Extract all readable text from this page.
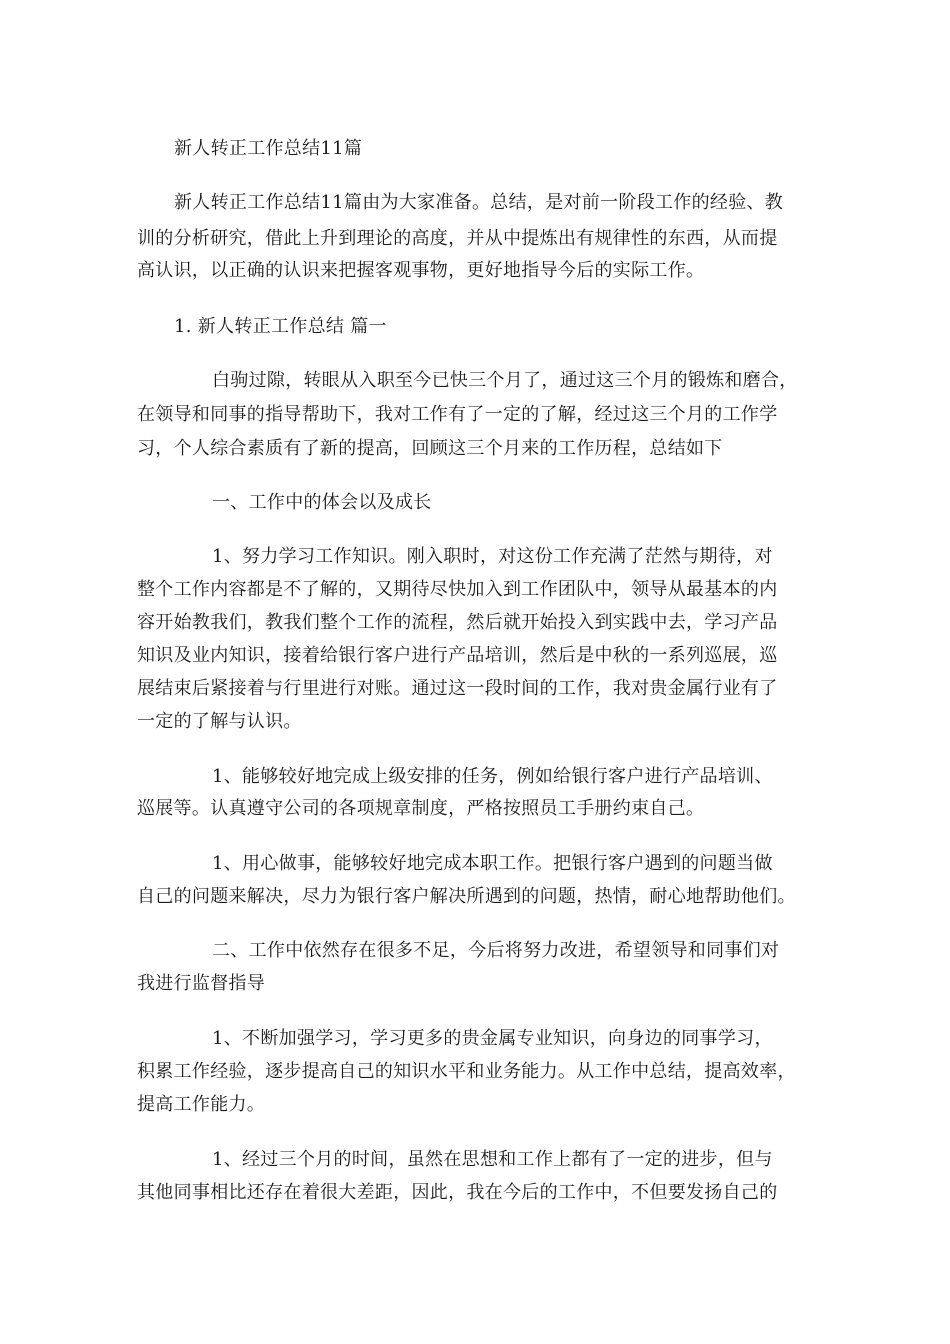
新人转正工作总结11篇
新人转正工作总结11篇由为大家准备。总结，是对前一阶段工作的经验、教
训的分析研究，借此上升到理论的高度，并从中提炼出有规律性的东西，从而提
高认识，以正确的认识来把握客观事物，更好地指导今后的实际工作。
1. 新人转正工作总结 篇一
白驹过隙，转眼从入职至今已快三个月了，通过这三个月的锻炼和磨合，
在领导和同事的指导帮助下，我对工作有了一定的了解，经过这三个月的工作学
习，个人综合素质有了新的提高，回顾这三个月来的工作历程，总结如下
一、工作中的体会以及成长
1、努力学习工作知识。刚入职时，对这份工作充满了茫然与期待，对
整个工作内容都是不了解的，又期待尽快加入到工作团队中，领导从最基本的内
容开始教我们，教我们整个工作的流程，然后就开始投入到实践中去，学习产品
知识及业内知识，接着给银行客户进行产品培训，然后是中秋的一系列巡展，巡
展结束后紧接着与行里进行对账。通过这一段时间的工作，我对贵金属行业有了
一定的了解与认识。
1、能够较好地完成上级安排的任务，例如给银行客户进行产品培训、
巡展等。认真遵守公司的各项规章制度，严格按照员工手册约束自己。
1、用心做事，能够较好地完成本职工作。把银行客户遇到的问题当做
自己的问题来解决，尽力为银行客户解决所遇到的问题，热情，耐心地帮助他们。
二、工作中依然存在很多不足，今后将努力改进，希望领导和同事们对
我进行监督指导
1、不断加强学习，学习更多的贵金属专业知识，向身边的同事学习，
积累工作经验，逐步提高自己的知识水平和业务能力。从工作中总结，提高效率，
提高工作能力。
1、经过三个月的时间，虽然在思想和工作上都有了一定的进步，但与
其他同事相比还存在着很大差距，因此，我在今后的工作中，不但要发扬自己的
